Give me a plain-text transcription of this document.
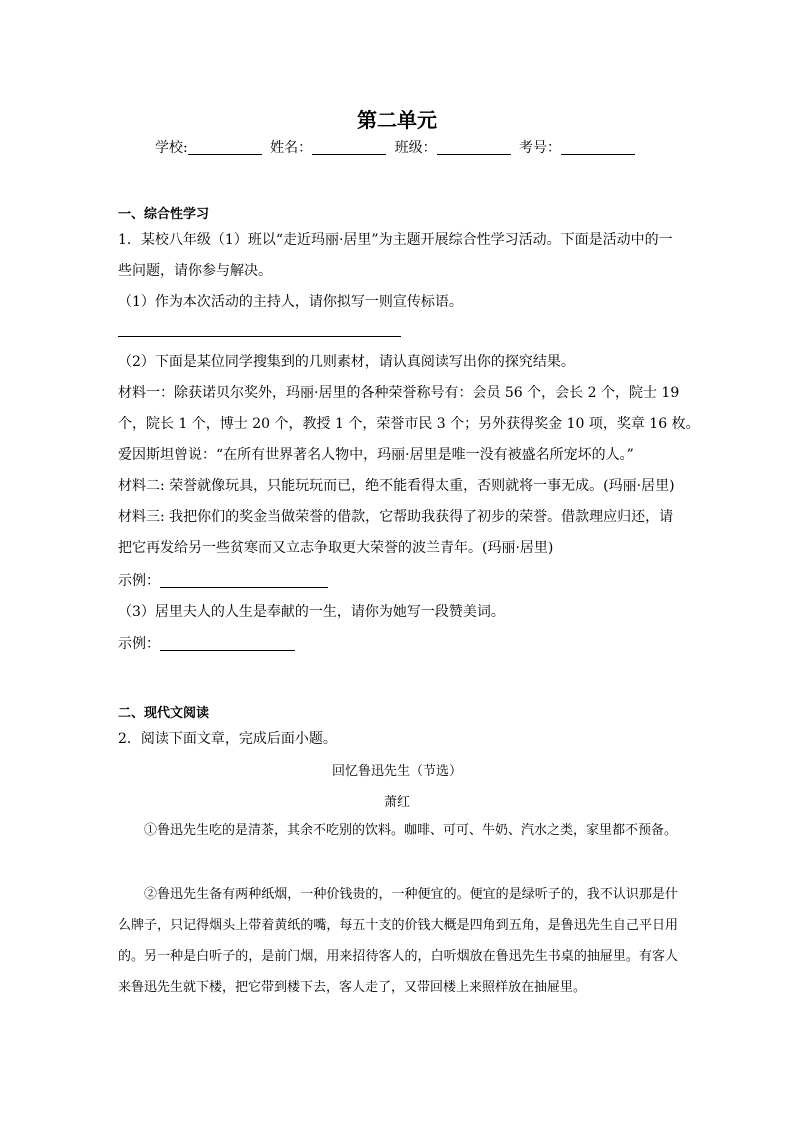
第二单元
学校:	姓名：	班级：	考号：
一、综合性学习
1．某校八年级（1）班以“走近玛丽·居里”为主题开展综合性学习活动。下面是活动中的一
些问题，请你参与解决。
（1）作为本次活动的主持人，请你拟写一则宣传标语。
（2）下面是某位同学搜集到的几则素材，请认真阅读写出你的探究结果。
材料一：除获诺贝尔奖外，玛丽·居里的各种荣誉称号有：会员 56 个，会长 2 个，院士 19
个，院长 1 个，博士 20 个，教授 1 个，荣誉市民 3 个；另外获得奖金 10 项，奖章 16 枚。
爱因斯坦曾说：“在所有世界著名人物中，玛丽·居里是唯一没有被盛名所宠坏的人。”
材料二: 荣誉就像玩具，只能玩玩而已，绝不能看得太重，否则就将一事无成。(玛丽·居里)
材料三: 我把你们的奖金当做荣誉的借款，它帮助我获得了初步的荣誉。借款理应归还，请
把它再发给另一些贫寒而又立志争取更大荣誉的波兰青年。(玛丽·居里)
示例：
（3）居里夫人的人生是奉献的一生，请你为她写一段赞美词。
示例：
二、现代文阅读
2．阅读下面文章，完成后面小题。
回忆鲁迅先生（节选）
萧红
①鲁迅先生吃的是清茶，其余不吃别的饮料。咖啡、可可、牛奶、汽水之类，家里都不预备。
②鲁迅先生备有两种纸烟，一种价钱贵的，一种便宜的。便宜的是绿听子的，我不认识那是什么牌子，只记得烟头上带着黄纸的嘴，每五十支的价钱大概是四角到五角，是鲁迅先生自己平日用的。另一种是白听子的，是前门烟，用来招待客人的，白听烟放在鲁迅先生书桌的抽屉里。有客人来鲁迅先生就下楼，把它带到楼下去，客人走了，又带回楼上来照样放在抽屉里。
